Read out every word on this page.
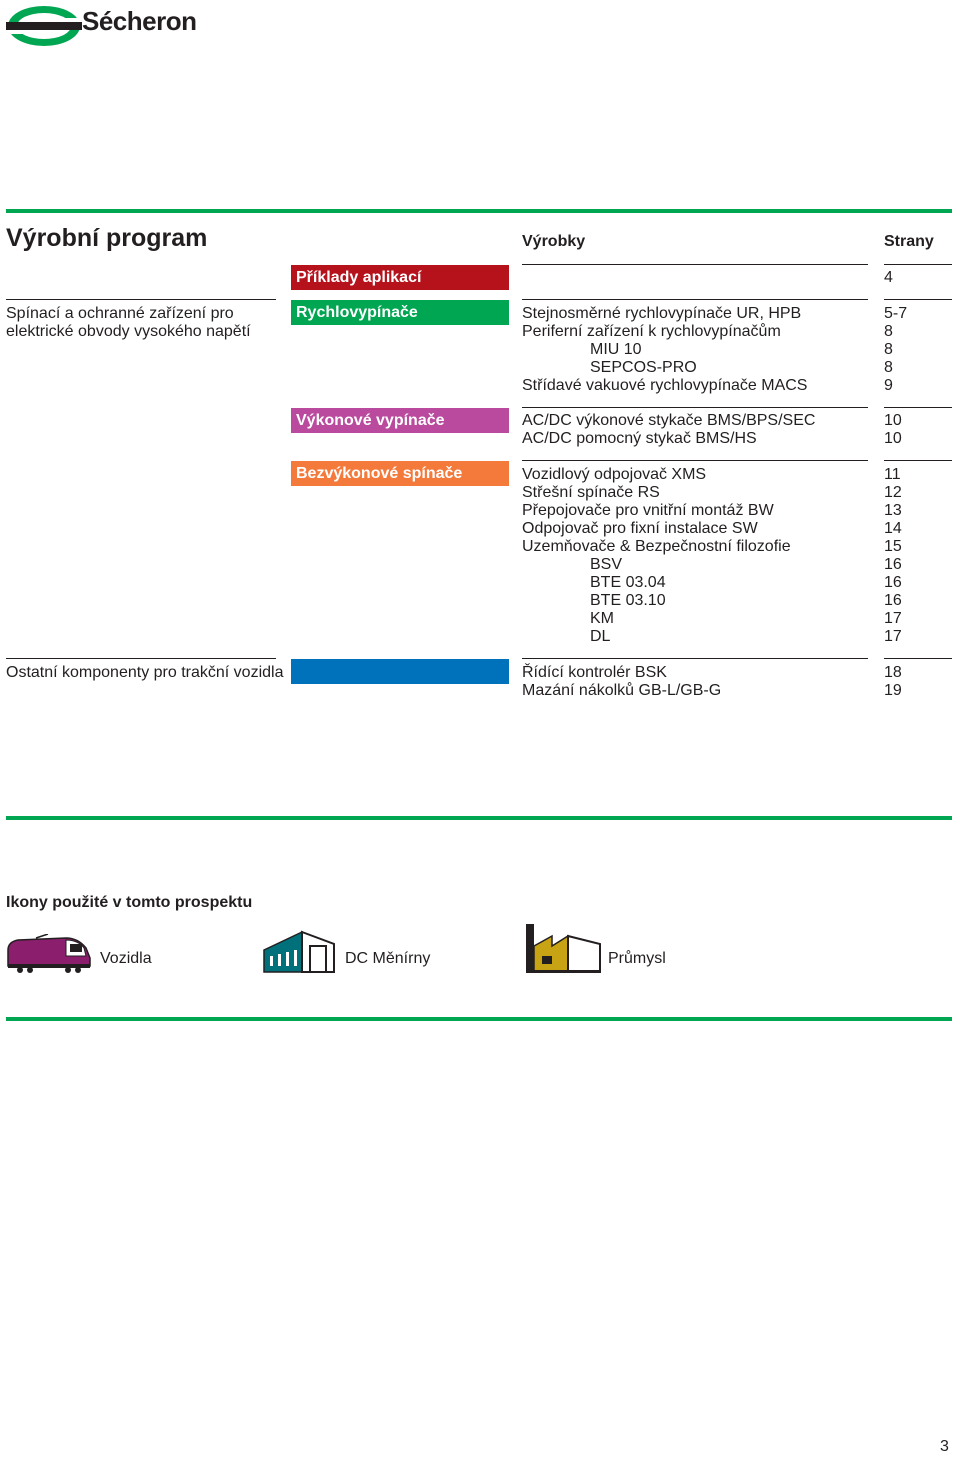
Sécheron
Výrobní program	Výrobky	Strany
Příklady aplikací	4
Spínací a ochranné zařízení pro
elektrické obvody vysokého napětí
Rychlovypínače	Stejnosměrné rychlovypínače UR, HPB	5-7
Periferní zařízení k rychlovypínačům	8
MIU 10	8
SEPCOS-PRO	8
Střídavé vakuové rychlovypínače MACS	9
Výkonové vypínače	AC/DC výkonové stykače BMS/BPS/SEC	10
AC/DC pomocný stykač BMS/HS	10
Bezvýkonové spínače	Vozidlový odpojovač XMS	11
Střešní spínače RS	12
Přepojovače pro vnitřní montáž BW	13
Odpojovač pro fixní instalace SW	14
Uzemňovače & Bezpečnostní filozofie	15
BSV	16
BTE 03.04	16
BTE 03.10	16
KM	17
DL	17
Ostatní komponenty pro trakční vozidla	Řídící kontrolér BSK	18
Mazání nákolků GB-L/GB-G	19
Ikony použité v tomto prospektu
Vozidla	DC Měnírny	Průmysl
3
